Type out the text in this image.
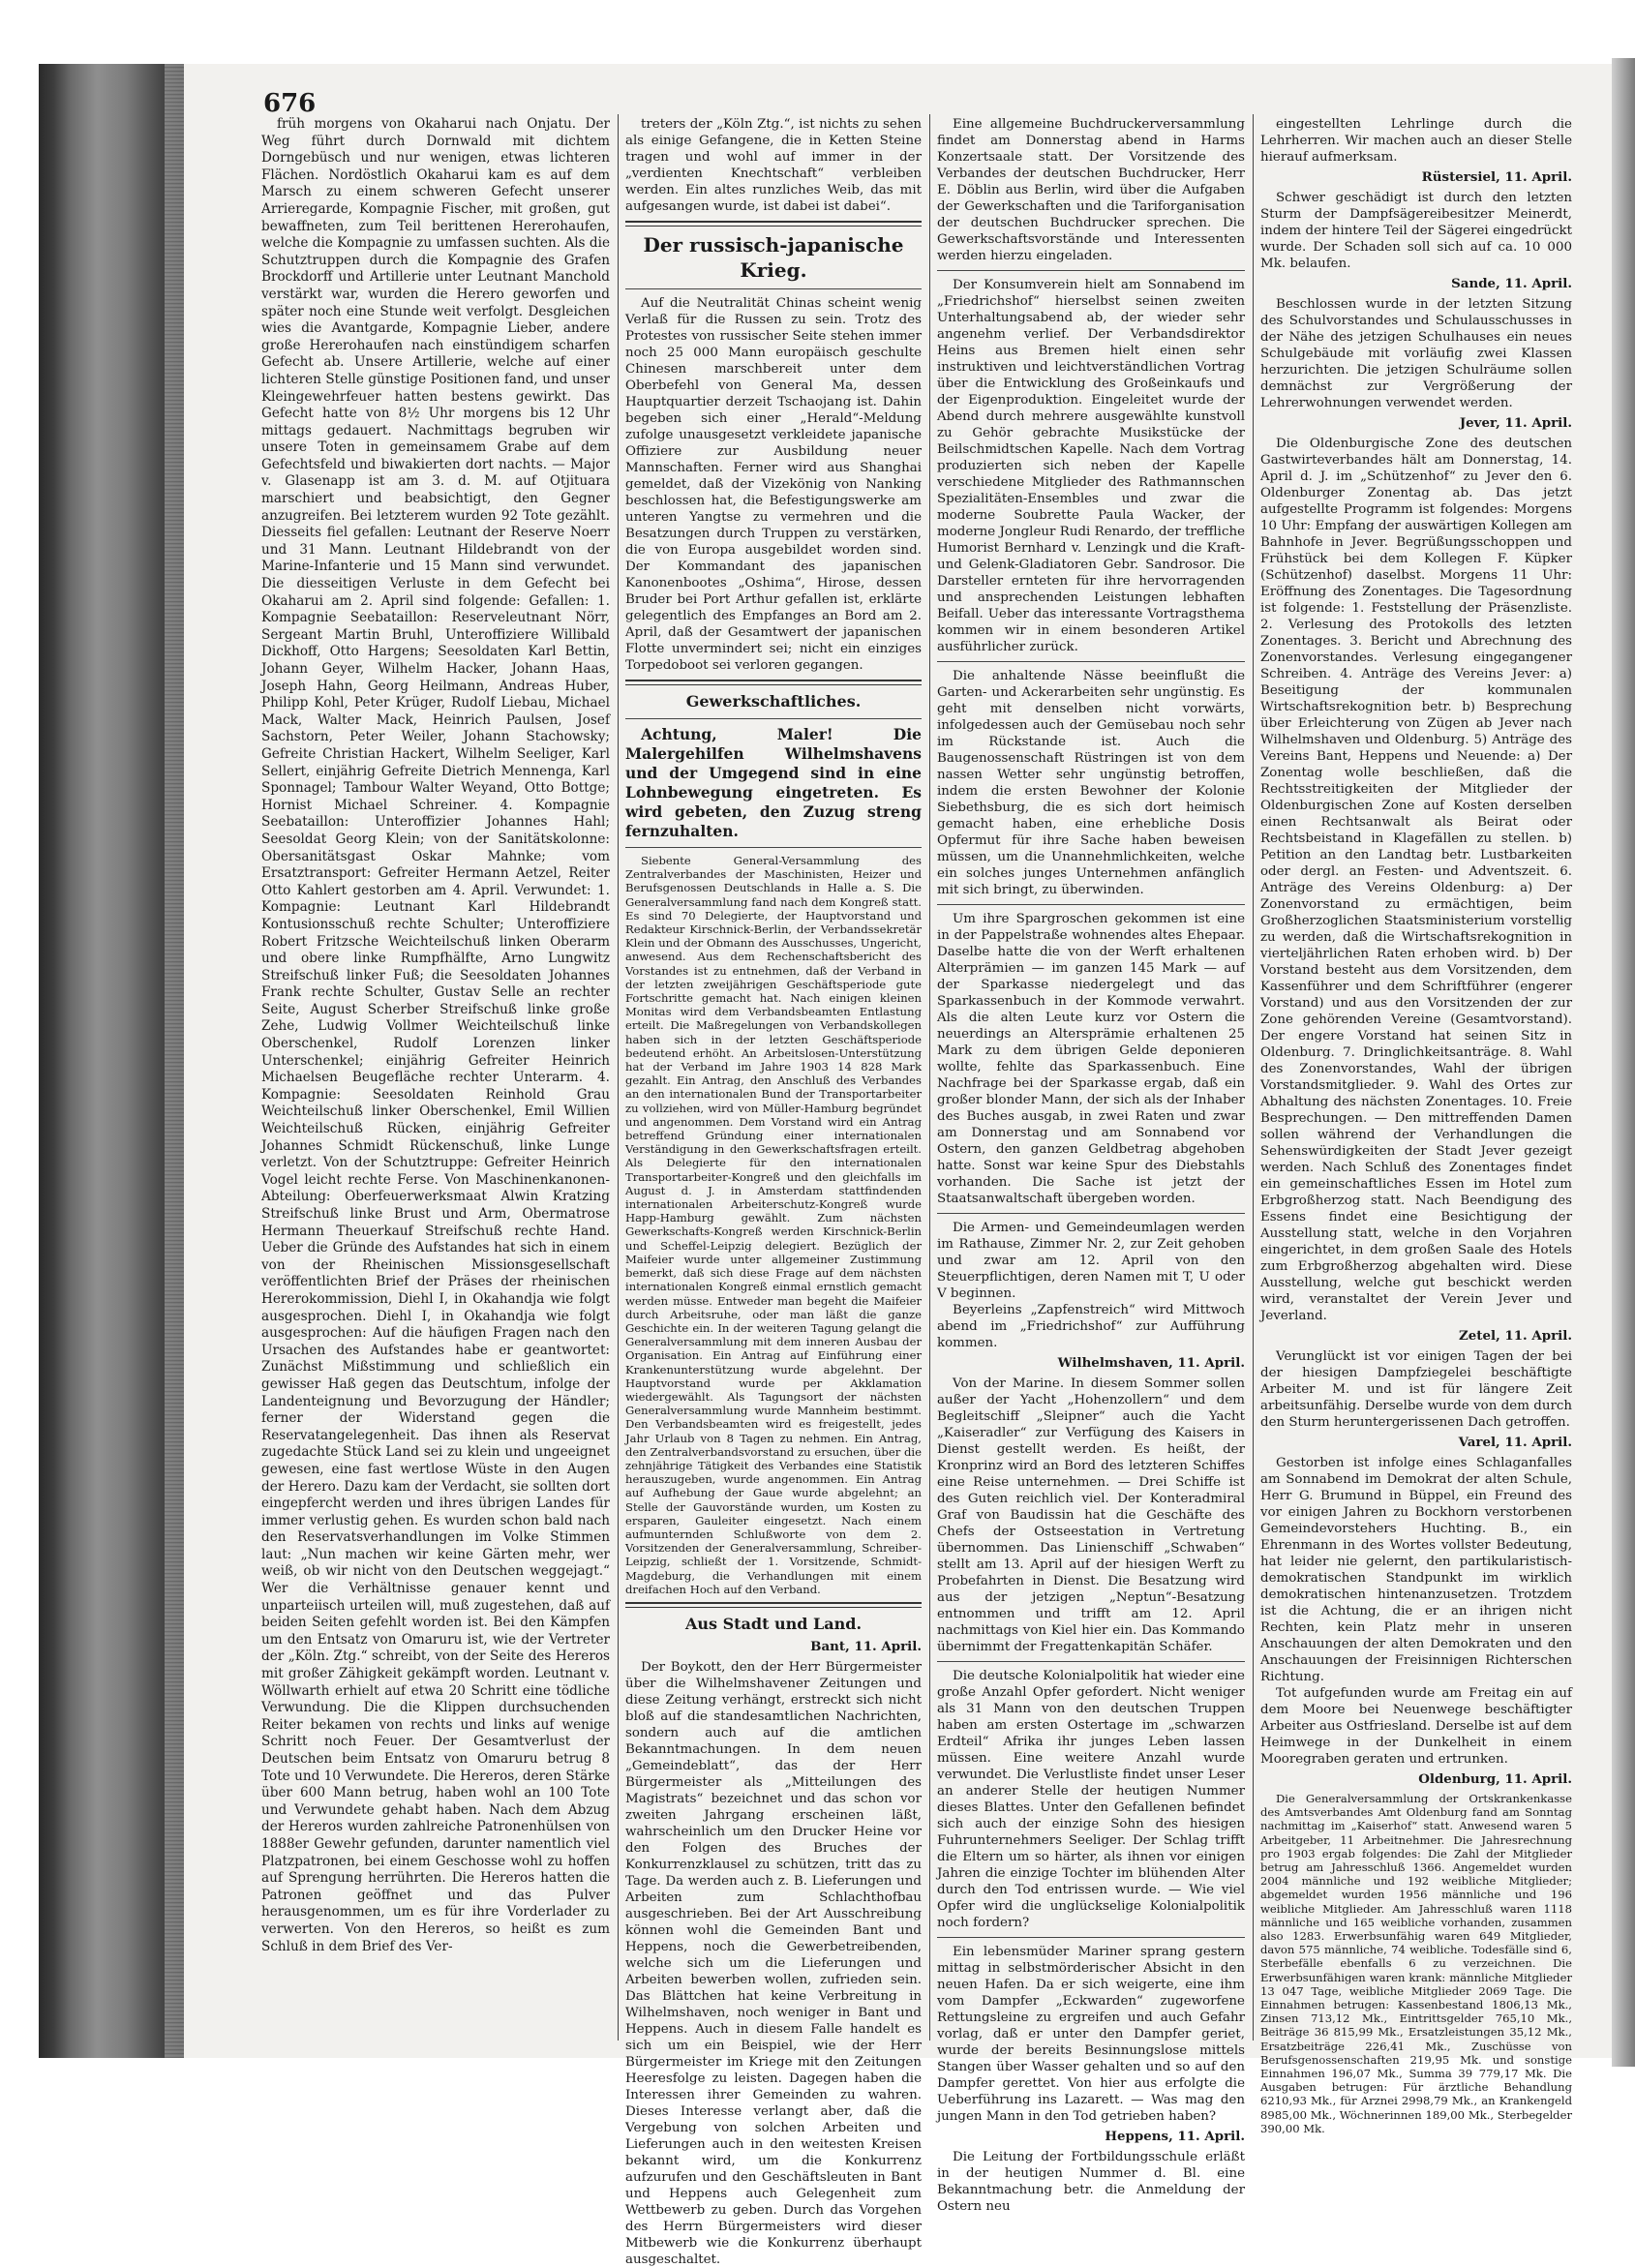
676

früh morgens von Okaharui nach Onjatu. Der Weg führt durch Dornwald mit dichtem Dorngebüsch und nur wenigen, etwas lichteren Flächen. Nordöstlich Okaharui kam es auf dem Marsch zu einem schweren Gefecht unserer Arrieregarde, Kompagnie Fischer, mit großen, gut bewaffneten, zum Teil berittenen Hererohaufen, welche die Kompagnie zu umfassen suchten. Als die Schutztruppen durch die Kompagnie des Grafen Brockdorff und Artillerie unter Leutnant Manchold verstärkt war, wurden die Herero geworfen und später noch eine Stunde weit verfolgt. Desgleichen wies die Avantgarde, Kompagnie Lieber, andere große Hererohaufen nach einstündigem scharfen Gefecht ab. Unsere Artillerie, welche auf einer lichteren Stelle günstige Positionen fand, und unser Kleingewehrfeuer hatten bestens gewirkt. Das Gefecht hatte von 8½ Uhr morgens bis 12 Uhr mittags gedauert. Nachmittags begruben wir unsere Toten in gemeinsamem Grabe auf dem Gefechtsfeld und biwakierten dort nachts. — Major v. Glasenapp ist am 3. d. M. auf Otjituara marschiert und beabsichtigt, den Gegner anzugreifen. Bei letzterem wurden 92 Tote gezählt. Diesseits fiel gefallen: Leutnant der Reserve Noerr und 31 Mann. Leutnant Hildebrandt von der Marine-Infanterie und 15 Mann sind verwundet. Die diesseitigen Verluste in dem Gefecht bei Okaharui am 2. April sind folgende: Gefallen: 1. Kompagnie Seebataillon: Reserveleutnant Nörr, Sergeant Martin Bruhl, Unteroffiziere Willibald Dickhoff, Otto Hargens; Seesoldaten Karl Bettin, Johann Geyer, Wilhelm Hacker, Johann Haas, Joseph Hahn, Georg Heilmann, Andreas Huber, Philipp Kohl, Peter Krüger, Rudolf Liebau, Michael Mack, Walter Mack, Heinrich Paulsen, Josef Sachstorn, Peter Weiler, Johann Stachowsky; Gefreite Christian Hackert, Wilhelm Seeliger, Karl Sellert, einjährig Gefreite Dietrich Mennenga, Karl Sponnagel; Tambour Walter Weyand, Otto Bottge; Hornist Michael Schreiner. 4. Kompagnie Seebataillon: Unteroffizier Johannes Hahl; Seesoldat Georg Klein; von der Sanitätskolonne: Obersanitätsgast Oskar Mahnke; vom Ersatztransport: Gefreiter Hermann Aetzel, Reiter Otto Kahlert gestorben am 4. April. Verwundet: 1. Kompagnie: Leutnant Karl Hildebrandt Kontusionsschuß rechte Schulter; Unteroffiziere Robert Fritzsche Weichteilschuß linken Oberarm und obere linke Rumpfhälfte, Arno Lungwitz Streifschuß linker Fuß; die Seesoldaten Johannes Frank rechte Schulter, Gustav Selle an rechter Seite, August Scherber Streifschuß linke große Zehe, Ludwig Vollmer Weichteilschuß linke Oberschenkel, Rudolf Lorenzen linker Unterschenkel; einjährig Gefreiter Heinrich Michaelsen Beugefläche rechter Unterarm. 4. Kompagnie: Seesoldaten Reinhold Grau Weichteilschuß linker Oberschenkel, Emil Willien Weichteilschuß Rücken, einjährig Gefreiter Johannes Schmidt Rückenschuß, linke Lunge verletzt. Von der Schutztruppe: Gefreiter Heinrich Vogel leicht rechte Ferse. Von Maschinenkanonen-Abteilung: Oberfeuerwerksmaat Alwin Kratzing Streifschuß linke Brust und Arm, Obermatrose Hermann Theuerkauf Streifschuß rechte Hand. Ueber die Gründe des Aufstandes hat sich in einem von der Rheinischen Missionsgesellschaft veröffentlichten Brief der Präses der rheinischen Hererokommission, Diehl I, in Okahandja wie folgt ausgesprochen. Diehl I, in Okahandja wie folgt ausgesprochen: Auf die häufigen Fragen nach den Ursachen des Aufstandes habe er geantwortet: Zunächst Mißstimmung und schließlich ein gewisser Haß gegen das Deutschtum, infolge der Landenteignung und Bevorzugung der Händler; ferner der Widerstand gegen die Reservatangelegenheit. Das ihnen als Reservat zugedachte Stück Land sei zu klein und ungeeignet gewesen, eine fast wertlose Wüste in den Augen der Herero. Dazu kam der Verdacht, sie sollten dort eingepfercht werden und ihres übrigen Landes für immer verlustig gehen. Es wurden schon bald nach den Reservatsverhandlungen im Volke Stimmen laut: „Nun machen wir keine Gärten mehr, wer weiß, ob wir nicht von den Deutschen weggejagt.“ Wer die Verhältnisse genauer kennt und unparteiisch urteilen will, muß zugestehen, daß auf beiden Seiten gefehlt worden ist. Bei den Kämpfen um den Entsatz von Omaruru ist, wie der Vertreter der „Köln. Ztg.“ schreibt, von der Seite des Hereros mit großer Zähigkeit gekämpft worden. Leutnant v. Wöllwarth erhielt auf etwa 20 Schritt eine tödliche Verwundung. Die die Klippen durchsuchenden Reiter bekamen von rechts und links auf wenige Schritt noch Feuer. Der Gesamtverlust der Deutschen beim Entsatz von Omaruru betrug 8 Tote und 10 Verwundete. Die Hereros, deren Stärke über 600 Mann betrug, haben wohl an 100 Tote und Verwundete gehabt haben. Nach dem Abzug der Hereros wurden zahlreiche Patronenhülsen von 1888er Gewehr gefunden, darunter namentlich viel Platzpatronen, bei einem Geschosse wohl zu hoffen auf Sprengung herrührten. Die Hereros hatten die Patronen geöffnet und das Pulver herausgenommen, um es für ihre Vorderlader zu verwerten. Von den Hereros, so heißt es zum Schluß in dem Brief des Ver-

treters der „Köln Ztg.“, ist nichts zu sehen als einige Gefangene, die in Ketten Steine tragen und wohl auf immer in der „verdienten Knechtschaft“ verbleiben werden. Ein altes runzliches Weib, das mit aufgesangen wurde, ist dabei ist dabei“.

Der russisch-japanische Krieg.

Auf die Neutralität Chinas scheint wenig Verlaß für die Russen zu sein. Trotz des Protestes von russischer Seite stehen immer noch 25 000 Mann europäisch geschulte Chinesen marschbereit unter dem Oberbefehl von General Ma, dessen Hauptquartier derzeit Tschaojang ist. Dahin begeben sich einer „Herald“-Meldung zufolge unausgesetzt verkleidete japanische Offiziere zur Ausbildung neuer Mannschaften. Ferner wird aus Shanghai gemeldet, daß der Vizekönig von Nanking beschlossen hat, die Befestigungswerke am unteren Yangtse zu vermehren und die Besatzungen durch Truppen zu verstärken, die von Europa ausgebildet worden sind. Der Kommandant des japanischen Kanonenbootes „Oshima“, Hirose, dessen Bruder bei Port Arthur gefallen ist, erklärte gelegentlich des Empfanges an Bord am 2. April, daß der Gesamtwert der japanischen Flotte unvermindert sei; nicht ein einziges Torpedoboot sei verloren gegangen.

Gewerkschaftliches.

Achtung, Maler! Die Malergehilfen Wilhelmshavens und der Umgegend sind in eine Lohnbewegung eingetreten. Es wird gebeten, den Zuzug streng fernzuhalten.

Siebente General-Versammlung des Zentralverbandes der Maschinisten, Heizer und Berufsgenossen Deutschlands in Halle a. S. Die Generalversammlung fand nach dem Kongreß statt. Es sind 70 Delegierte, der Hauptvorstand und Redakteur Kirschnick-Berlin, der Verbandssekretär Klein und der Obmann des Ausschusses, Ungericht, anwesend. Aus dem Rechenschaftsbericht des Vorstandes ist zu entnehmen, daß der Verband in der letzten zweijährigen Geschäftsperiode gute Fortschritte gemacht hat. Nach einigen kleinen Monitas wird dem Verbandsbeamten Entlastung erteilt. Die Maßregelungen von Verbandskollegen haben sich in der letzten Geschäftsperiode bedeutend erhöht. An Arbeitslosen-Unterstützung hat der Verband im Jahre 1903 14 828 Mark gezahlt. Ein Antrag, den Anschluß des Verbandes an den internationalen Bund der Transportarbeiter zu vollziehen, wird von Müller-Hamburg begründet und angenommen. Dem Vorstand wird ein Antrag betreffend Gründung einer internationalen Verständigung in den Gewerkschaftsfragen erteilt. Als Delegierte für den internationalen Transportarbeiter-Kongreß und den gleichfalls im August d. J. in Amsterdam stattfindenden internationalen Arbeiterschutz-Kongreß wurde Happ-Hamburg gewählt. Zum nächsten Gewerkschafts-Kongreß werden Kirschnick-Berlin und Scheffel-Leipzig delegiert. Bezüglich der Maifeier wurde unter allgemeiner Zustimmung bemerkt, daß sich diese Frage auf dem nächsten internationalen Kongreß einmal ernstlich gemacht werden müsse. Entweder man begeht die Maifeier durch Arbeitsruhe, oder man läßt die ganze Geschichte ein. In der weiteren Tagung gelangt die Generalversammlung mit dem inneren Ausbau der Organisation. Ein Antrag auf Einführung einer Krankenunterstützung wurde abgelehnt. Der Hauptvorstand wurde per Akklamation wiedergewählt. Als Tagungsort der nächsten Generalversammlung wurde Mannheim bestimmt. Den Verbandsbeamten wird es freigestellt, jedes Jahr Urlaub von 8 Tagen zu nehmen. Ein Antrag, den Zentralverbandsvorstand zu ersuchen, über die zehnjährige Tätigkeit des Verbandes eine Statistik herauszugeben, wurde angenommen. Ein Antrag auf Aufhebung der Gaue wurde abgelehnt; an Stelle der Gauvorstände wurden, um Kosten zu ersparen, Gauleiter eingesetzt. Nach einem aufmunternden Schlußworte von dem 2. Vorsitzenden der Generalversammlung, Schreiber-Leipzig, schließt der 1. Vorsitzende, Schmidt-Magdeburg, die Verhandlungen mit einem dreifachen Hoch auf den Verband.

Aus Stadt und Land.
Bant, 11. April.

Der Boykott, den der Herr Bürgermeister über die Wilhelmshavener Zeitungen und diese Zeitung verhängt, erstreckt sich nicht bloß auf die standesamtlichen Nachrichten, sondern auch auf die amtlichen Bekanntmachungen. In dem neuen „Gemeindeblatt“, das der Herr Bürgermeister als „Mitteilungen des Magistrats“ bezeichnet und das schon vor zweiten Jahrgang erscheinen läßt, wahrscheinlich um den Drucker Heine vor den Folgen des Bruches der Konkurrenzklausel zu schützen, tritt das zu Tage. Da werden auch z. B. Lieferungen und Arbeiten zum Schlachthofbau ausgeschrieben. Bei der Art Ausschreibung können wohl die Gemeinden Bant und Heppens, noch die Gewerbetreibenden, welche sich um die Lieferungen und Arbeiten bewerben wollen, zufrieden sein. Das Blättchen hat keine Verbreitung in Wilhelmshaven, noch weniger in Bant und Heppens. Auch in diesem Falle handelt es sich um ein Beispiel, wie der Herr Bürgermeister im Kriege mit den Zeitungen Heeresfolge zu leisten. Dagegen haben die Interessen ihrer Gemeinden zu wahren. Dieses Interesse verlangt aber, daß die Vergebung von solchen Arbeiten und Lieferungen auch in den weitesten Kreisen bekannt wird, um die Konkurrenz aufzurufen und den Geschäftsleuten in Bant und Heppens auch Gelegenheit zum Wettbewerb zu geben. Durch das Vorgehen des Herrn Bürgermeisters wird dieser Mitbewerb wie die Konkurrenz überhaupt ausgeschaltet.

Eine allgemeine Buchdruckerversammlung findet am Donnerstag abend in Harms Konzertsaale statt. Der Vorsitzende des Verbandes der deutschen Buchdrucker, Herr E. Döblin aus Berlin, wird über die Aufgaben der Gewerkschaften und die Tariforganisation der deutschen Buchdrucker sprechen. Die Gewerkschaftsvorstände und Interessenten werden hierzu eingeladen.

Der Konsumverein hielt am Sonnabend im „Friedrichshof“ hierselbst seinen zweiten Unterhaltungsabend ab, der wieder sehr angenehm verlief. Der Verbandsdirektor Heins aus Bremen hielt einen sehr instruktiven und leichtverständlichen Vortrag über die Entwicklung des Großeinkaufs und der Eigenproduktion. Eingeleitet wurde der Abend durch mehrere ausgewählte kunstvoll zu Gehör gebrachte Musikstücke der Beilschmidtschen Kapelle. Nach dem Vortrag produzierten sich neben der Kapelle verschiedene Mitglieder des Rathmannschen Spezialitäten-Ensembles und zwar die moderne Soubrette Paula Wacker, der moderne Jongleur Rudi Renardo, der treffliche Humorist Bernhard v. Lenzingk und die Kraft- und Gelenk-Gladiatoren Gebr. Sandrosor. Die Darsteller ernteten für ihre hervorragenden und ansprechenden Leistungen lebhaften Beifall. Ueber das interessante Vortragsthema kommen wir in einem besonderen Artikel ausführlicher zurück.

Die anhaltende Nässe beeinflußt die Garten- und Ackerarbeiten sehr ungünstig. Es geht mit denselben nicht vorwärts, infolgedessen auch der Gemüsebau noch sehr im Rückstande ist. Auch die Baugenossenschaft Rüstringen ist von dem nassen Wetter sehr ungünstig betroffen, indem die ersten Bewohner der Kolonie Siebethsburg, die es sich dort heimisch gemacht haben, eine erhebliche Dosis Opfermut für ihre Sache haben beweisen müssen, um die Unannehmlichkeiten, welche ein solches junges Unternehmen anfänglich mit sich bringt, zu überwinden.

Um ihre Spargroschen gekommen ist eine in der Pappelstraße wohnendes altes Ehepaar. Daselbe hatte die von der Werft erhaltenen Alterprämien — im ganzen 145 Mark — auf der Sparkasse niedergelegt und das Sparkassenbuch in der Kommode verwahrt. Als die alten Leute kurz vor Ostern die neuerdings an Altersprämie erhaltenen 25 Mark zu dem übrigen Gelde deponieren wollte, fehlte das Sparkassenbuch. Eine Nachfrage bei der Sparkasse ergab, daß ein großer blonder Mann, der sich als der Inhaber des Buches ausgab, in zwei Raten und zwar am Donnerstag und am Sonnabend vor Ostern, den ganzen Geldbetrag abgehoben hatte. Sonst war keine Spur des Diebstahls vorhanden. Die Sache ist jetzt der Staatsanwaltschaft übergeben worden.

Die Armen- und Gemeindeumlagen werden im Rathause, Zimmer Nr. 2, zur Zeit gehoben und zwar am 12. April von den Steuerpflichtigen, deren Namen mit T, U oder V beginnen.

Beyerleins „Zapfenstreich“ wird Mittwoch abend im „Friedrichshof“ zur Aufführung kommen.

Wilhelmshaven, 11. April.

Von der Marine. In diesem Sommer sollen außer der Yacht „Hohenzollern“ und dem Begleitschiff „Sleipner“ auch die Yacht „Kaiseradler“ zur Verfügung des Kaisers in Dienst gestellt werden. Es heißt, der Kronprinz wird an Bord des letzteren Schiffes eine Reise unternehmen. — Drei Schiffe ist des Guten reichlich viel. Der Konteradmiral Graf von Baudissin hat die Geschäfte des Chefs der Ostseestation in Vertretung übernommen. Das Linienschiff „Schwaben“ stellt am 13. April auf der hiesigen Werft zu Probefahrten in Dienst. Die Besatzung wird aus der jetzigen „Neptun“-Besatzung entnommen und trifft am 12. April nachmittags von Kiel hier ein. Das Kommando übernimmt der Fregattenkapitän Schäfer.

Die deutsche Kolonialpolitik hat wieder eine große Anzahl Opfer gefordert. Nicht weniger als 31 Mann von den deutschen Truppen haben am ersten Ostertage im „schwarzen Erdteil“ Afrika ihr junges Leben lassen müssen. Eine weitere Anzahl wurde verwundet. Die Verlustliste findet unser Leser an anderer Stelle der heutigen Nummer dieses Blattes. Unter den Gefallenen befindet sich auch der einzige Sohn des hiesigen Fuhrunternehmers Seeliger. Der Schlag trifft die Eltern um so härter, als ihnen vor einigen Jahren die einzige Tochter im blühenden Alter durch den Tod entrissen wurde. — Wie viel Opfer wird die unglückselige Kolonialpolitik noch fordern?

Ein lebensmüder Mariner sprang gestern mittag in selbstmörderischer Absicht in den neuen Hafen. Da er sich weigerte, eine ihm vom Dampfer „Eckwarden“ zugeworfene Rettungsleine zu ergreifen und auch Gefahr vorlag, daß er unter den Dampfer geriet, wurde der bereits Besinnungslose mittels Stangen über Wasser gehalten und so auf den Dampfer gerettet. Von hier aus erfolgte die Ueberführung ins Lazarett. — Was mag den jungen Mann in den Tod getrieben haben?

Heppens, 11. April.

Die Leitung der Fortbildungsschule erläßt in der heutigen Nummer d. Bl. eine Bekanntmachung betr. die Anmeldung der Ostern neu

eingestellten Lehrlinge durch die Lehrherren. Wir machen auch an dieser Stelle hierauf aufmerksam.

Rüstersiel, 11. April.

Schwer geschädigt ist durch den letzten Sturm der Dampfsägereibesitzer Meinerdt, indem der hintere Teil der Sägerei eingedrückt wurde. Der Schaden soll sich auf ca. 10 000 Mk. belaufen.

Sande, 11. April.

Beschlossen wurde in der letzten Sitzung des Schulvorstandes und Schulausschusses in der Nähe des jetzigen Schulhauses ein neues Schulgebäude mit vorläufig zwei Klassen herzurichten. Die jetzigen Schulräume sollen demnächst zur Vergrößerung der Lehrerwohnungen verwendet werden.

Jever, 11. April.

Die Oldenburgische Zone des deutschen Gastwirteverbandes hält am Donnerstag, 14. April d. J. im „Schützenhof“ zu Jever den 6. Oldenburger Zonentag ab. Das jetzt aufgestellte Programm ist folgendes: Morgens 10 Uhr: Empfang der auswärtigen Kollegen am Bahnhofe in Jever. Begrüßungsschoppen und Frühstück bei dem Kollegen F. Küpker (Schützenhof) daselbst. Morgens 11 Uhr: Eröffnung des Zonentages. Die Tagesordnung ist folgende: 1. Feststellung der Präsenzliste. 2. Verlesung des Protokolls des letzten Zonentages. 3. Bericht und Abrechnung des Zonenvorstandes. Verlesung eingegangener Schreiben. 4. Anträge des Vereins Jever: a) Beseitigung der kommunalen Wirtschaftsrekognition betr. b) Besprechung über Erleichterung von Zügen ab Jever nach Wilhelmshaven und Oldenburg. 5) Anträge des Vereins Bant, Heppens und Neuende: a) Der Zonentag wolle beschließen, daß die Rechtsstreitigkeiten der Mitglieder der Oldenburgischen Zone auf Kosten derselben einen Rechtsanwalt als Beirat oder Rechtsbeistand in Klagefällen zu stellen. b) Petition an den Landtag betr. Lustbarkeiten oder dergl. an Festen- und Adventszeit. 6. Anträge des Vereins Oldenburg: a) Der Zonenvorstand zu ermächtigen, beim Großherzoglichen Staatsministerium vorstellig zu werden, daß die Wirtschaftsrekognition in vierteljährlichen Raten erhoben wird. b) Der Vorstand besteht aus dem Vorsitzenden, dem Kassenführer und dem Schriftführer (engerer Vorstand) und aus den Vorsitzenden der zur Zone gehörenden Vereine (Gesamtvorstand). Der engere Vorstand hat seinen Sitz in Oldenburg. 7. Dringlichkeitsanträge. 8. Wahl des Zonenvorstandes, Wahl der übrigen Vorstandsmitglieder. 9. Wahl des Ortes zur Abhaltung des nächsten Zonentages. 10. Freie Besprechungen. — Den mittreffenden Damen sollen während der Verhandlungen die Sehenswürdigkeiten der Stadt Jever gezeigt werden. Nach Schluß des Zonentages findet ein gemeinschaftliches Essen im Hotel zum Erbgroßherzog statt. Nach Beendigung des Essens findet eine Besichtigung der Ausstellung statt, welche in den Vorjahren eingerichtet, in dem großen Saale des Hotels zum Erbgroßherzog abgehalten wird. Diese Ausstellung, welche gut beschickt werden wird, veranstaltet der Verein Jever und Jeverland.

Zetel, 11. April.

Verunglückt ist vor einigen Tagen der bei der hiesigen Dampfziegelei beschäftigte Arbeiter M. und ist für längere Zeit arbeitsunfähig. Derselbe wurde von dem durch den Sturm heruntergerissenen Dach getroffen.

Varel, 11. April.

Gestorben ist infolge eines Schlaganfalles am Sonnabend im Demokrat der alten Schule, Herr G. Brumund in Büppel, ein Freund des vor einigen Jahren zu Bockhorn verstorbenen Gemeindevorstehers Huchting. B., ein Ehrenmann in des Wortes vollster Bedeutung, hat leider nie gelernt, den partikularistisch-demokratischen Standpunkt im wirklich demokratischen hintenanzusetzen. Trotzdem ist die Achtung, die er an ihrigen nicht Rechten, kein Platz mehr in unseren Anschauungen der alten Demokraten und den Anschauungen der Freisinnigen Richterschen Richtung.

Tot aufgefunden wurde am Freitag ein auf dem Moore bei Neuenwege beschäftigter Arbeiter aus Ostfriesland. Derselbe ist auf dem Heimwege in der Dunkelheit in einem Mooregraben geraten und ertrunken.

Oldenburg, 11. April.

Die Generalversammlung der Ortskrankenkasse des Amtsverbandes Amt Oldenburg fand am Sonntag nachmittag im „Kaiserhof“ statt. Anwesend waren 5 Arbeitgeber, 11 Arbeitnehmer. Die Jahresrechnung pro 1903 ergab folgendes: Die Zahl der Mitglieder betrug am Jahresschluß 1366. Angemeldet wurden 2004 männliche und 192 weibliche Mitglieder; abgemeldet wurden 1956 männliche und 196 weibliche Mitglieder. Am Jahresschluß waren 1118 männliche und 165 weibliche vorhanden, zusammen also 1283. Erwerbsunfähig waren 649 Mitglieder, davon 575 männliche, 74 weibliche. Todesfälle sind 6, Sterbefälle ebenfalls 6 zu verzeichnen. Die Erwerbsunfähigen waren krank: männliche Mitglieder 13 047 Tage, weibliche Mitglieder 2069 Tage. Die Einnahmen betrugen: Kassenbestand 1806,13 Mk., Zinsen 713,12 Mk., Eintrittsgelder 765,10 Mk., Beiträge 36 815,99 Mk., Ersatzleistungen 35,12 Mk., Ersatzbeiträge 226,41 Mk., Zuschüsse von Berufsgenossenschaften 219,95 Mk. und sonstige Einnahmen 196,07 Mk., Summa 39 779,17 Mk. Die Ausgaben betrugen: Für ärztliche Behandlung 6210,93 Mk., für Arznei 2998,79 Mk., an Krankengeld 8985,00 Mk., Wöchnerinnen 189,00 Mk., Sterbegelder 390,00 Mk.
